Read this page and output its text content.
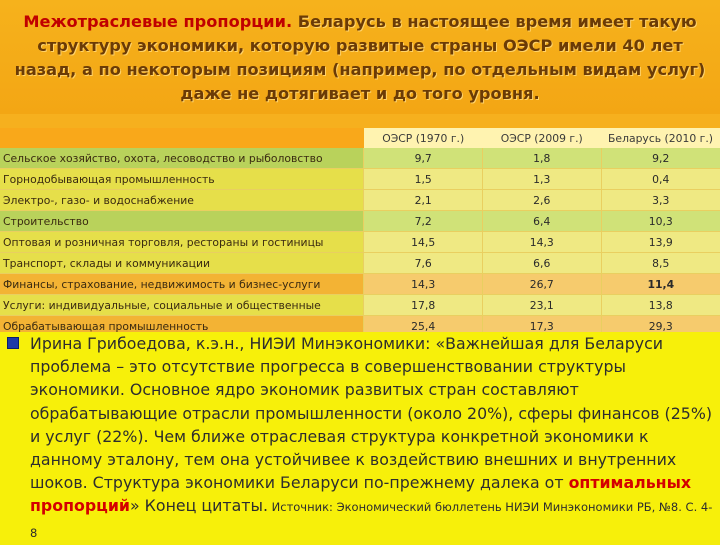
Межотраслевые пропорции. Беларусь в настоящее время имеет такую структуру экономики, которую развитые страны ОЭСР имели 40 лет назад, а по некоторым позициям (например, по отдельным видам услуг) даже не дотягивает и до того уровня.
	ОЭСР (1970 г.)	ОЭСР (2009 г.)	Беларусь (2010 г.)
Сельское хозяйство, охота, лесоводство и рыболовство	9,7	1,8	9,2
Горнодобывающая промышленность	1,5	1,3	0,4
Электро-, газо- и водоснабжение	2,1	2,6	3,3
Строительство	7,2	6,4	10,3
Оптовая и розничная торговля, рестораны и гостиницы	14,5	14,3	13,9
Транспорт, склады и коммуникации	7,6	6,6	8,5
Финансы, страхование, недвижимость и бизнес-услуги	14,3	26,7	11,4
Услуги: индивидуальные, социальные и общественные	17,8	23,1	13,8
Обрабатывающая промышленность	25,4	17,3	29,3

Ирина Грибоедова, к.э.н., НИЭИ Минэкономики: «Важнейшая для Беларуси проблема – это отсутствие прогресса в совершенствовании структуры экономики. Основное ядро экономик развитых стран составляют обрабатывающие отрасли промышленности (около 20%), сферы финансов (25%) и услуг (22%). Чем ближе отраслевая структура конкретной экономики к данному эталону, тем она устойчивее к воздействию внешних и внутренних шоков. Структура экономики Беларуси по-прежнему далека от оптимальных пропорций» Конец цитаты. Источник: Экономический бюллетень НИЭИ Минэкономики РБ, №8. С. 4-8
